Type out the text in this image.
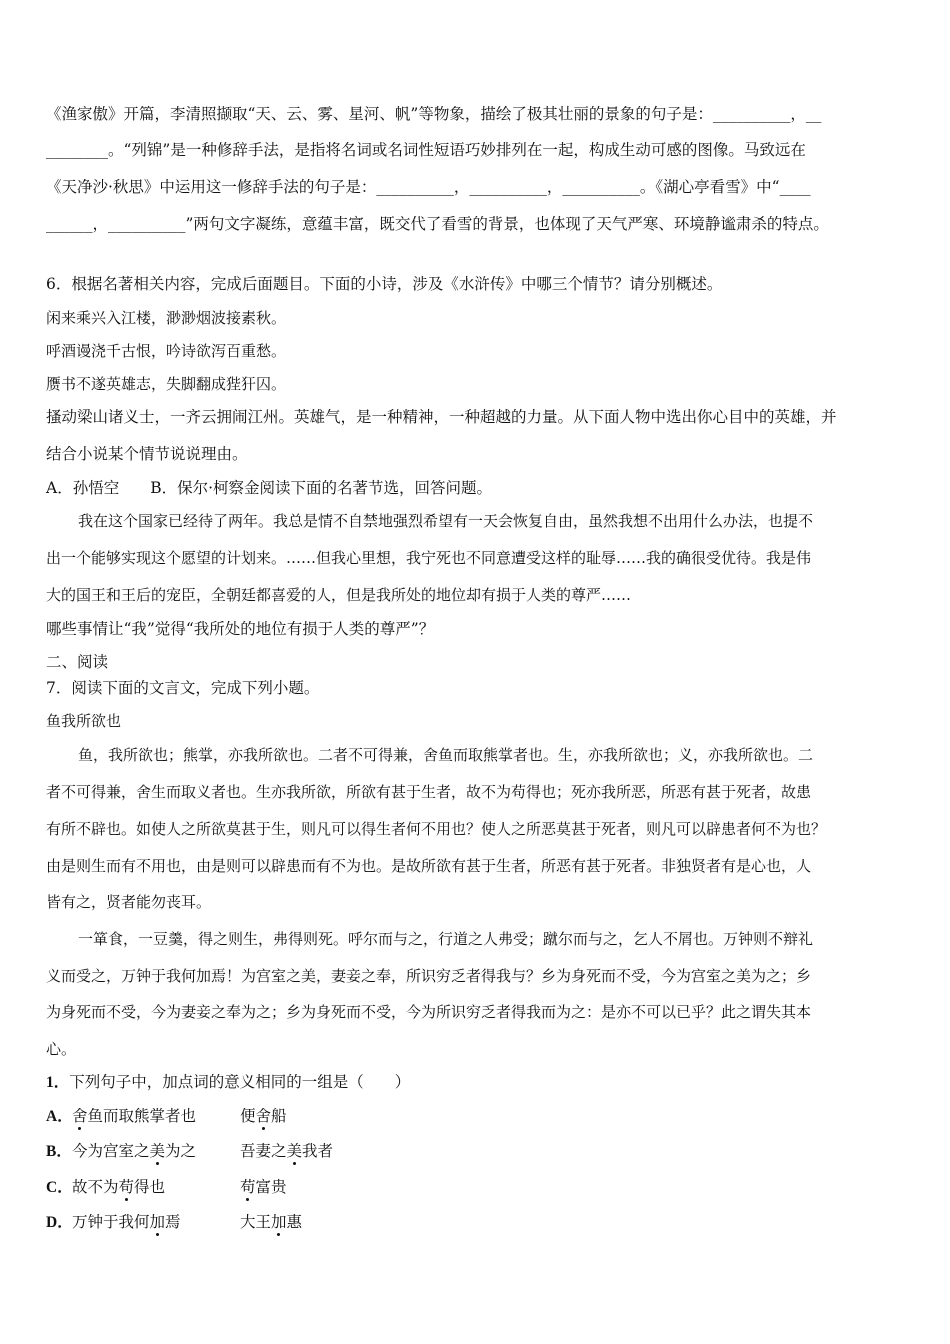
《渔家傲》开篇，李清照撷取“天、云、雾、星河、帆”等物象，描绘了极其壮丽的景象的句子是：__________，__
________。“列锦”是一种修辞手法，是指将名词或名词性短语巧妙排列在一起，构成生动可感的图像。马致远在
《天净沙·秋思》中运用这一修辞手法的句子是：__________，__________，__________。《湖心亭看雪》中“____
______，__________”两句文字凝练，意蕴丰富，既交代了看雪的背景，也体现了天气严寒、环境静谧肃杀的特点。
6．根据名著相关内容，完成后面题目。下面的小诗，涉及《水浒传》中哪三个情节？请分别概述。
闲来乘兴入江楼，渺渺烟波接素秋。
呼酒谩浇千古恨，吟诗欲泻百重愁。
赝书不遂英雄志，失脚翻成狴犴囚。
搔动梁山诸义士，一齐云拥闹江州。英雄气，是一种精神，一种超越的力量。从下面人物中选出你心目中的英雄，并
结合小说某个情节说说理由。
A．孙悟空　　B．保尔·柯察金阅读下面的名著节选，回答问题。
我在这个国家已经待了两年。我总是情不自禁地强烈希望有一天会恢复自由，虽然我想不出用什么办法，也提不
出一个能够实现这个愿望的计划来。……但我心里想，我宁死也不同意遭受这样的耻辱……我的确很受优待。我是伟
大的国王和王后的宠臣，全朝廷都喜爱的人，但是我所处的地位却有损于人类的尊严……
哪些事情让“我”觉得“我所处的地位有损于人类的尊严”？
二、阅读
7．阅读下面的文言文，完成下列小题。
鱼我所欲也
鱼，我所欲也；熊掌，亦我所欲也。二者不可得兼，舍鱼而取熊掌者也。生，亦我所欲也；义，亦我所欲也。二
者不可得兼，舍生而取义者也。生亦我所欲，所欲有甚于生者，故不为苟得也；死亦我所恶，所恶有甚于死者，故患
有所不辟也。如使人之所欲莫甚于生，则凡可以得生者何不用也？使人之所恶莫甚于死者，则凡可以辟患者何不为也？
由是则生而有不用也，由是则可以辟患而有不为也。是故所欲有甚于生者，所恶有甚于死者。非独贤者有是心也，人
皆有之，贤者能勿丧耳。
一箪食，一豆羹，得之则生，弗得则死。呼尔而与之，行道之人弗受；蹴尔而与之，乞人不屑也。万钟则不辩礼
义而受之，万钟于我何加焉！为宫室之美，妻妾之奉，所识穷乏者得我与？乡为身死而不受，今为宫室之美为之；乡
为身死而不受，今为妻妾之奉为之；乡为身死而不受，今为所识穷乏者得我而为之：是亦不可以已乎？此之谓失其本
心。
1．下列句子中，加点词的意义相同的一组是（　　）
A．舍鱼而取熊掌者也	便舍船
B．今为宫室之美为之	吾妻之美我者
C．故不为苟得也	苟富贵
D．万钟于我何加焉	大王加惠
